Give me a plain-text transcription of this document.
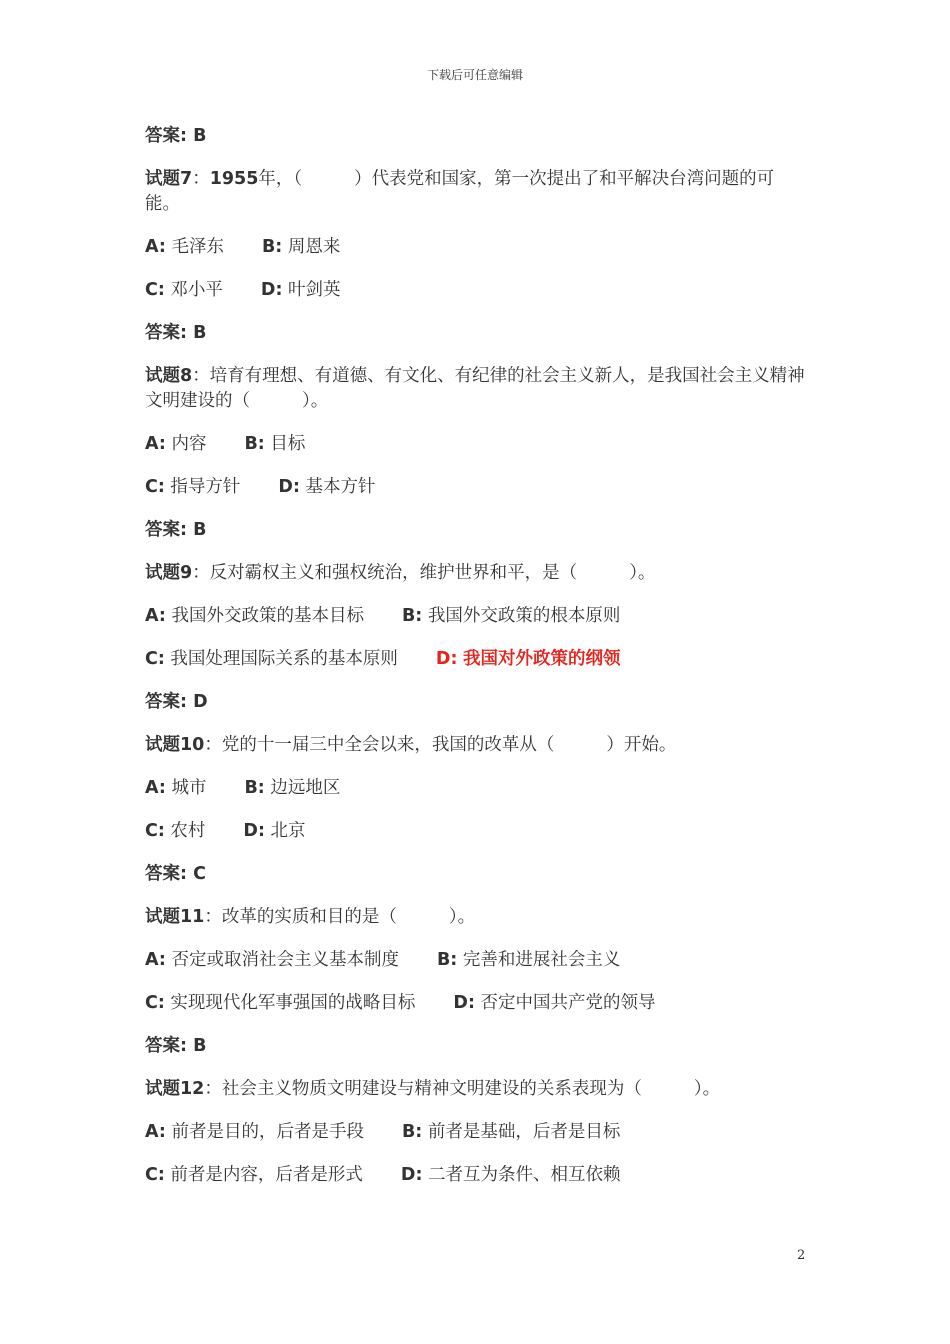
下载后可任意编辑
答案: B
试题7：1955年，（	）代表党和国家，第一次提出了和平解决台湾问题的可能。
A: 毛泽东 B: 周恩来
C: 邓小平 D: 叶剑英
答案: B
试题8：培育有理想、有道德、有文化、有纪律的社会主义新人，是我国社会主义精神文明建设的（	）。
A: 内容 B: 目标
C: 指导方针 D: 基本方针
答案: B
试题9：反对霸权主义和强权统治，维护世界和平，是（	）。
A: 我国外交政策的基本目标 B: 我国外交政策的根本原则
C: 我国处理国际关系的基本原则 D: 我国对外政策的纲领
答案: D
试题10：党的十一届三中全会以来，我国的改革从（	）开始。
A: 城市 B: 边远地区
C: 农村 D: 北京
答案: C
试题11：改革的实质和目的是（	）。
A: 否定或取消社会主义基本制度 B: 完善和进展社会主义
C: 实现现代化军事强国的战略目标 D: 否定中国共产党的领导
答案: B
试题12：社会主义物质文明建设与精神文明建设的关系表现为（	）。
A: 前者是目的，后者是手段 B: 前者是基础，后者是目标
C: 前者是内容，后者是形式 D: 二者互为条件、相互依赖
2
